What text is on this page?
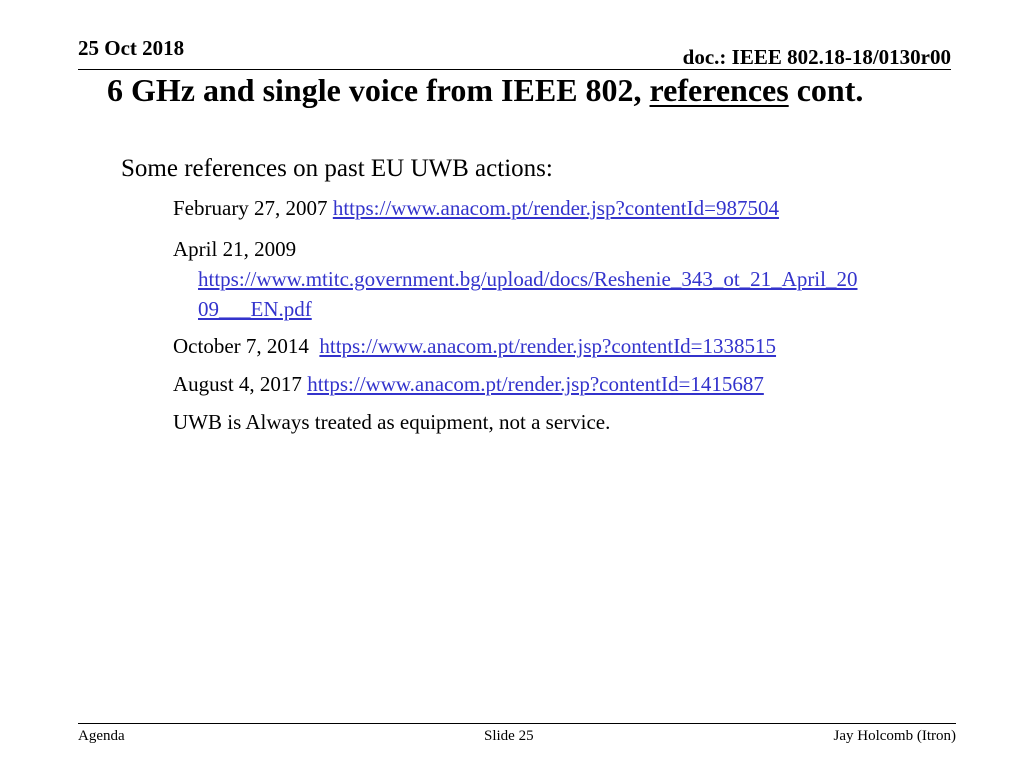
25 Oct 2018	doc.: IEEE 802.18-18/0130r00
6 GHz and single voice from IEEE 802, references cont.
Some references on past EU UWB actions:
February 27, 2007 https://www.anacom.pt/render.jsp?contentId=987504
April 21, 2009
https://www.mtitc.government.bg/upload/docs/Reshenie_343_ot_21_April_20
09___EN.pdf
October 7, 2014  https://www.anacom.pt/render.jsp?contentId=1338515
August 4, 2017 https://www.anacom.pt/render.jsp?contentId=1415687
UWB is Always treated as equipment, not a service.
Agenda	Slide 25	Jay Holcomb (Itron)
